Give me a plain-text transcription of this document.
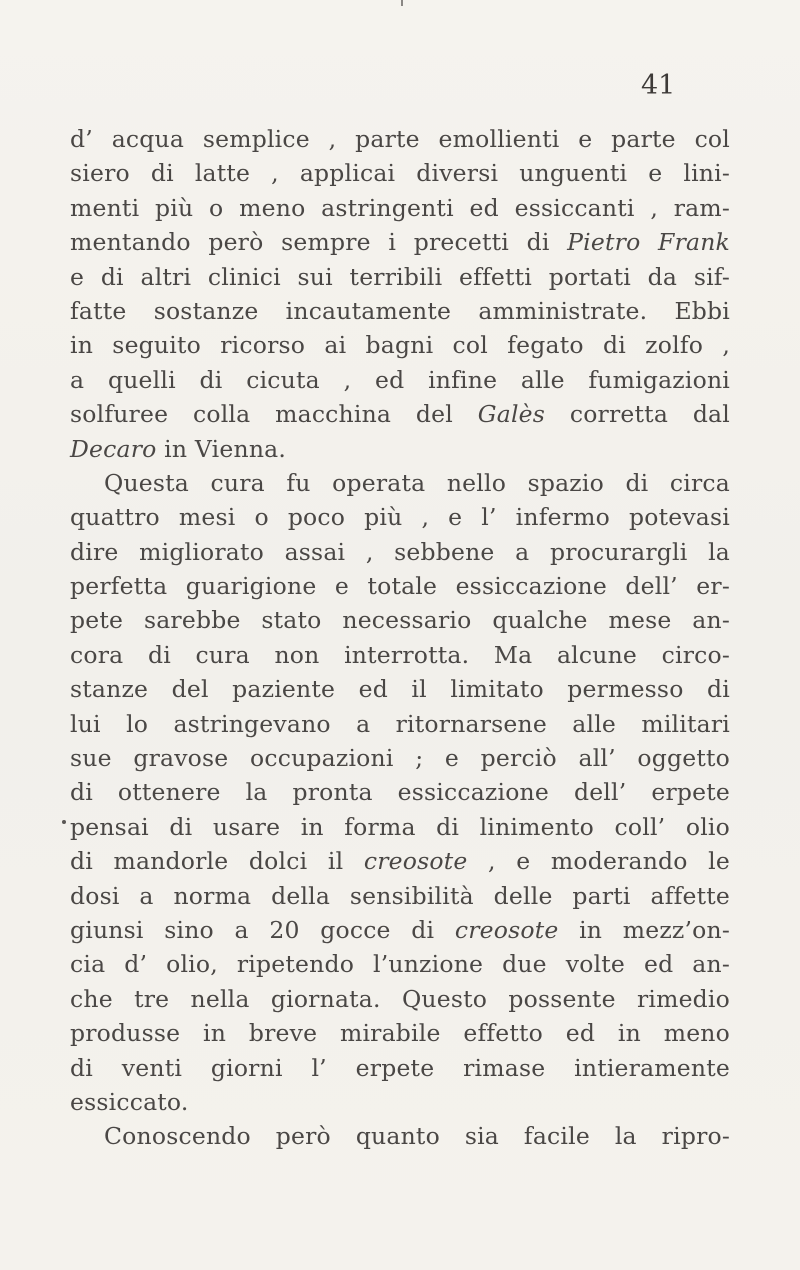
41
d’ acqua semplice , parte emollienti e parte col
siero di latte , applicai diversi unguenti e lini-
menti più o meno astringenti ed essiccanti , ram-
mentando però sempre i precetti di Pietro Frank
e di altri clinici sui terribili effetti portati da sif-
fatte sostanze incautamente amministrate. Ebbi
in seguito ricorso ai bagni col fegato di zolfo ,
a quelli di cicuta , ed infine alle fumigazioni
solfuree colla macchina del Galès corretta dal
Decaro in Vienna.
Questa cura fu operata nello spazio di circa
quattro mesi o poco più , e l’ infermo potevasi
dire migliorato assai , sebbene a procurargli la
perfetta guarigione e totale essiccazione dell’ er-
pete sarebbe stato necessario qualche mese an-
cora di cura non interrotta. Ma alcune circo-
stanze del paziente ed il limitato permesso di
lui lo astringevano a ritornarsene alle militari
sue gravose occupazioni ; e perciò all’ oggetto
di ottenere la pronta essiccazione dell’ erpete
pensai di usare in forma di linimento coll’ olio
di mandorle dolci il creosote , e moderando le
dosi a norma della sensibilità delle parti affette
giunsi sino a 20 gocce di creosote in mezz’on-
cia d’ olio, ripetendo l’unzione due volte ed an-
che tre nella giornata. Questo possente rimedio
produsse in breve mirabile effetto ed in meno
di venti giorni l’ erpete rimase intieramente
essiccato.
Conoscendo però quanto sia facile la ripro-
